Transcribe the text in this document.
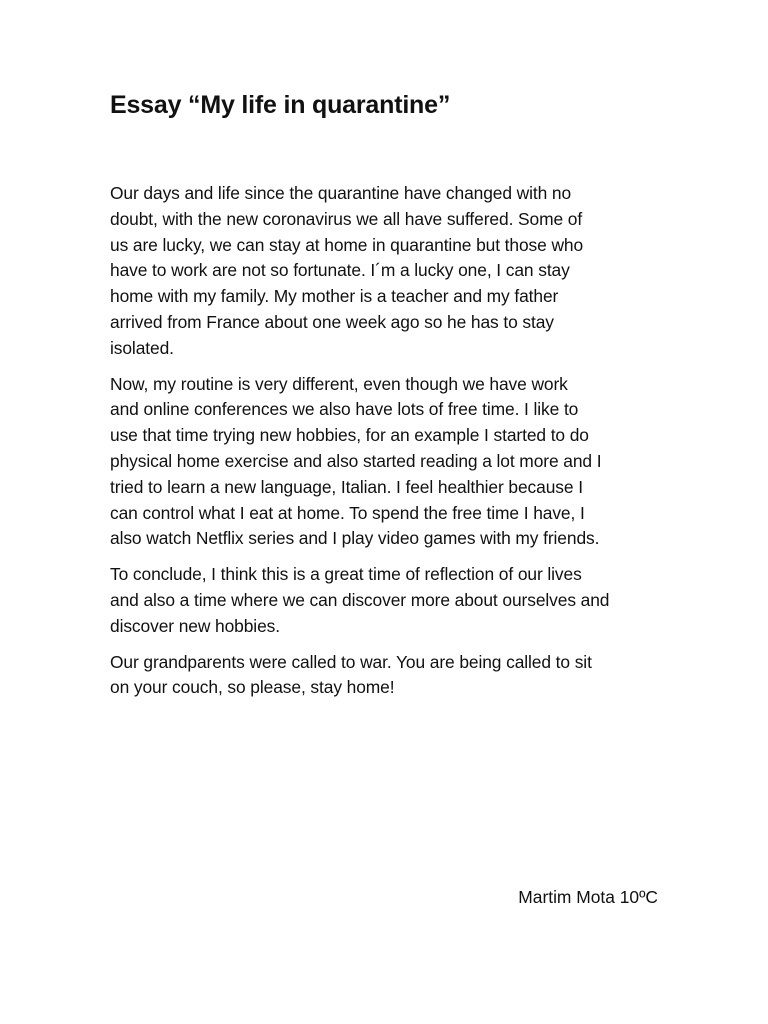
Essay “My life in quarantine”

Our days and life since the quarantine have changed with no
doubt, with the new coronavirus we all have suffered. Some of
us are lucky, we can stay at home in quarantine but those who
have to work are not so fortunate. I´m a lucky one, I can stay
home with my family. My mother is a teacher and my father
arrived from France about one week ago so he has to stay
isolated.

Now, my routine is very different, even though we have work
and online conferences we also have lots of free time. I like to
use that time trying new hobbies, for an example I started to do
physical home exercise and also started reading a lot more and I
tried to learn a new language, Italian. I feel healthier because I
can control what I eat at home. To spend the free time I have, I
also watch Netflix series and I play video games with my friends.

To conclude, I think this is a great time of reflection of our lives
and also a time where we can discover more about ourselves and
discover new hobbies.

Our grandparents were called to war. You are being called to sit
on your couch, so please, stay home!

Martim Mota 10ºC
